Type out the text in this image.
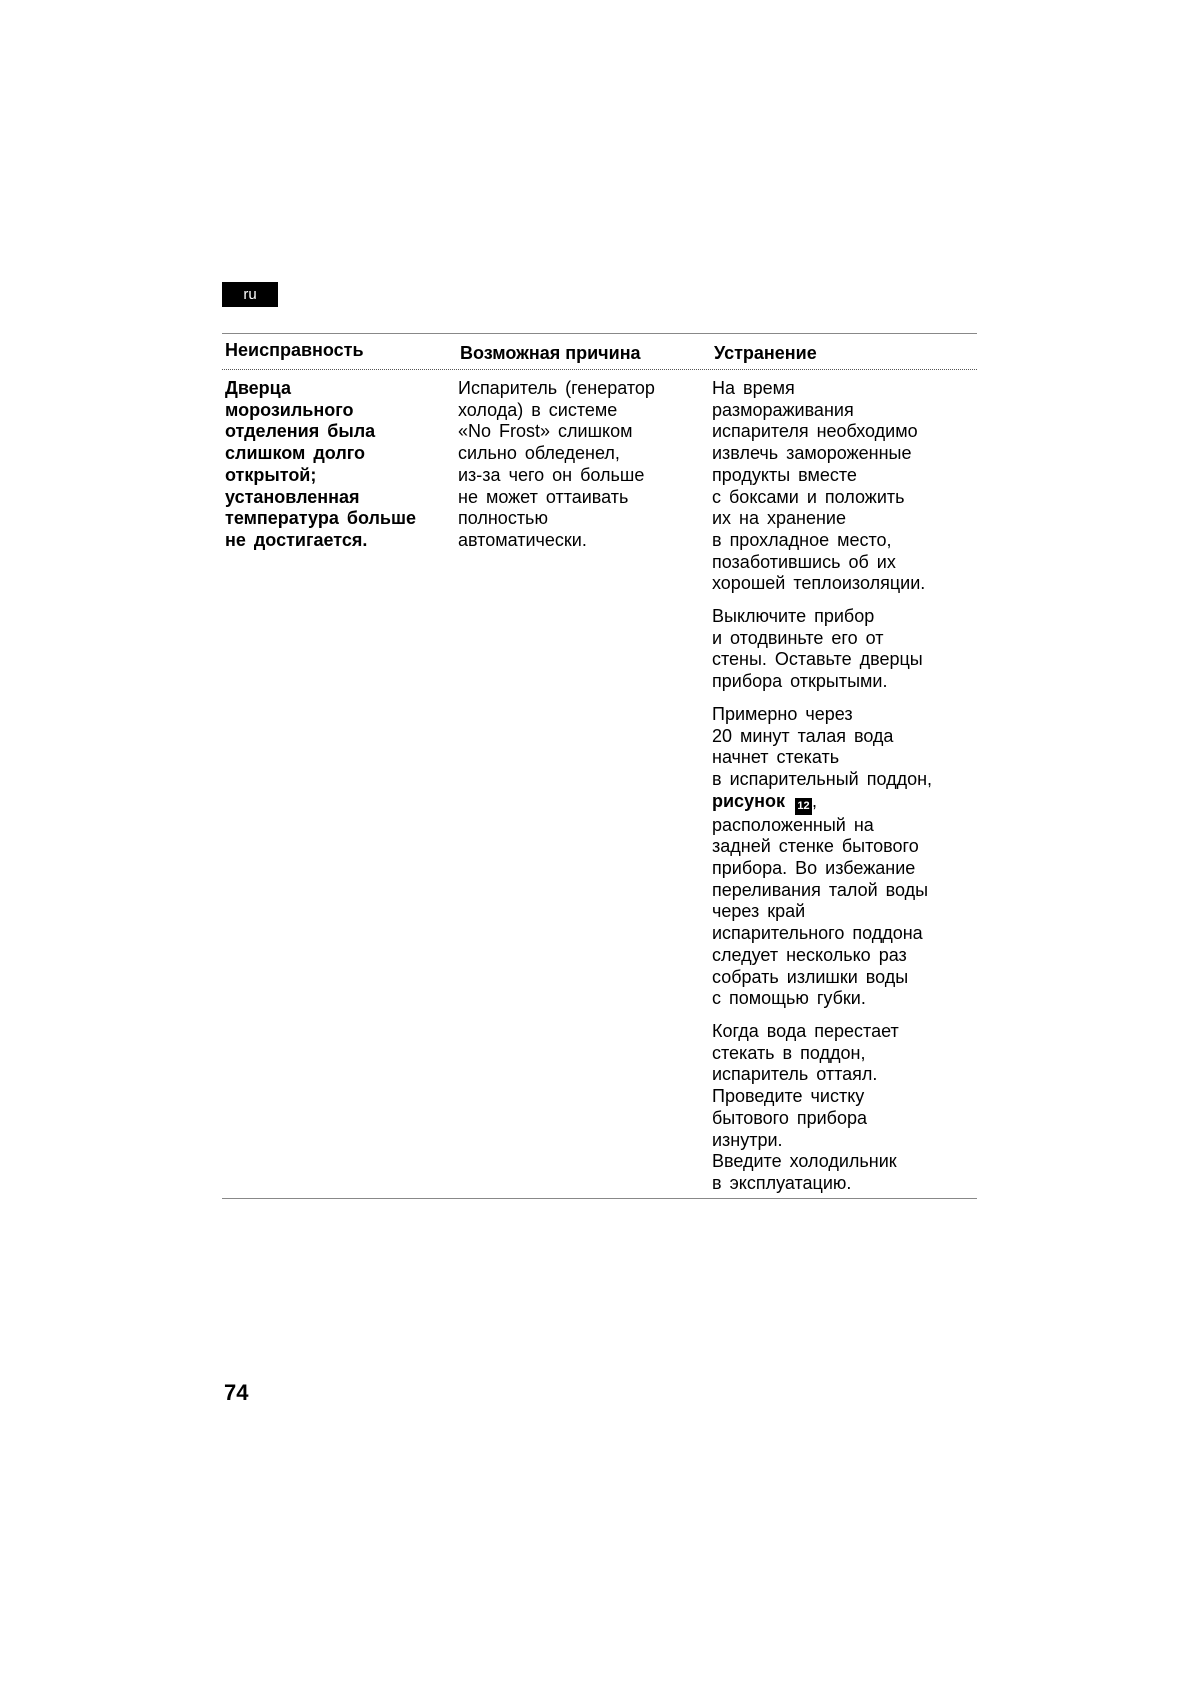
ru
Неисправность	Возможная причина	Устранение

Дверца

морозильного

отделения была

слишком долго

открытой;

установленная

температура больше

не достигается.

Испаритель (генератор

холода) в системе

«No Frost» слишком

сильно обледенел,

из-за чего он больше

не может оттаивать

полностью

автоматически.

На время

размораживания

испарителя необходимо

извлечь замороженные

продукты вместе

с боксами и положить

их на хранение

в прохладное место,

позаботившись об их

хорошей теплоизоляции.

Выключите прибор

и отодвиньте его от

стены. Оставьте дверцы

прибора открытыми.

Примерно через

20 минут талая вода

начнет стекать

в испарительный поддон,

рисунок 12 ,

расположенный на

задней стенке бытового

прибора. Во избежание

переливания талой воды

через край

испарительного поддона

следует несколько раз

собрать излишки воды

с помощью губки.

Когда вода перестает

стекать в поддон,

испаритель оттаял.

Проведите чистку

бытового прибора

изнутри.

Введите холодильник

в эксплуатацию.

74
